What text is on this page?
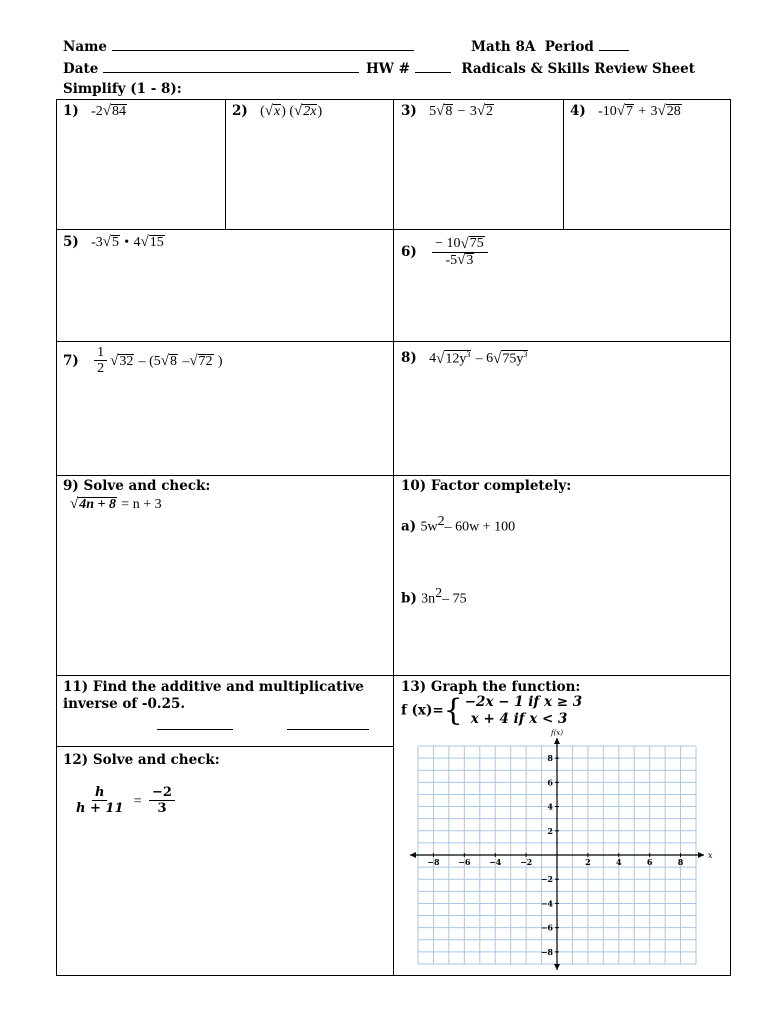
Name	Math 8A Period
Date	HW #	Radicals & Skills Review Sheet
Simplify (1 - 8):
1) -2 √ 84	2) ( √ x ) ( √ 2x )	3) 5 √ 8 − 3 √ 2	4) -10 √ 7 + 3 √ 28
5) -3 √ 5 • 4 √ 15
$6) \frac{- 10 √ 75}{-5 √ 3}$
$7) \frac{1}{2}$ √ 32 – (5 √ 8 – √ 72 )	8) 4 √ $12y^3 - 6$ √ $75y^3$
9) Solve and check:
√ 4n + 8 = n + 3
10) Factor completely:
a) $5w^2-$ 60w + 100
b) $3n^2-$ 75
11) Find the additive and multiplicative
inverse of -0.25.
12) Solve and check:
$\frac{h}{h + 11} = \frac{-2}{3}$
13) Graph the function:
f (x)={ −2x − 1 if x ≥ 3
x + 4 if x < 3
−8 −6 −4 −2	2	4	6	8
8
6
4
2
−2
−4
−6
−8
x
f(x)
